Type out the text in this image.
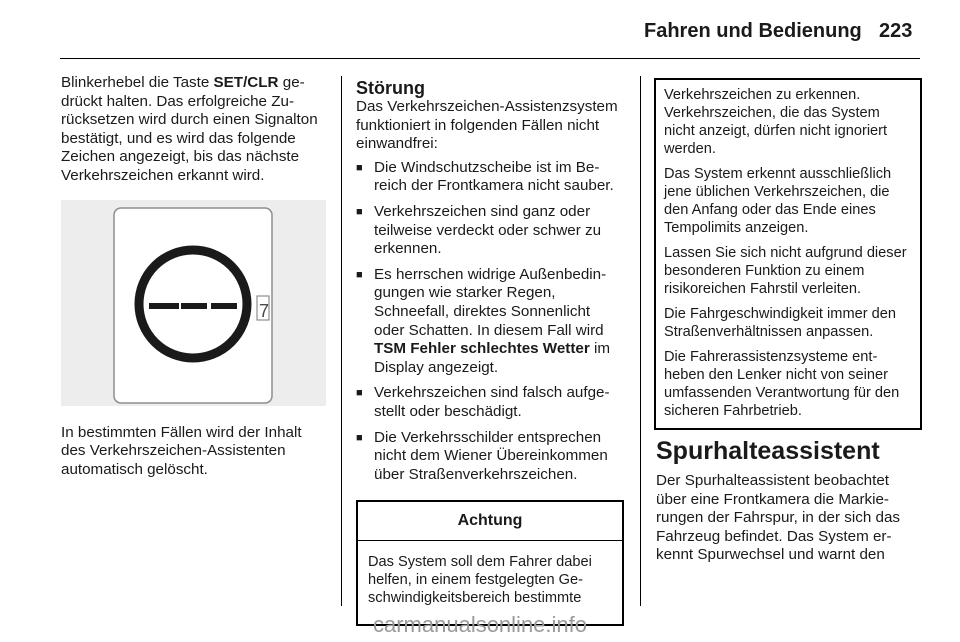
Fahren und Bedienung 223

Blinkerhebel die Taste SET/CLR gedrückt halten. Das erfolgreiche Zurücksetzen wird durch einen Signalton bestätigt, und es wird das folgende Zeichen angezeigt, bis das nächste Verkehrszeichen erkannt wird.

7

In bestimmten Fällen wird der Inhalt des Verkehrszeichen-Assistenten automatisch gelöscht.

Störung

Das Verkehrszeichen-Assistenzsystem funktioniert in folgenden Fällen nicht einwandfrei:

■ Die Windschutzscheibe ist im Bereich der Frontkamera nicht sauber.
■ Verkehrszeichen sind ganz oder teilweise verdeckt oder schwer zu erkennen.
■ Es herrschen widrige Außenbedingungen wie starker Regen, Schneefall, direktes Sonnenlicht oder Schatten. In diesem Fall wird TSM Fehler schlechtes Wetter im Display angezeigt.
■ Verkehrszeichen sind falsch aufgestellt oder beschädigt.
■ Die Verkehrsschilder entsprechen nicht dem Wiener Übereinkommen über Straßenverkehrszeichen.
Achtung
Das System soll dem Fahrer dabei helfen, in einem festgelegten Geschwindigkeitsbereich bestimmte

Verkehrszeichen zu erkennen. Verkehrszeichen, die das System nicht anzeigt, dürfen nicht ignoriert werden.

Das System erkennt ausschließlich jene üblichen Verkehrszeichen, die den Anfang oder das Ende eines Tempolimits anzeigen.

Lassen Sie sich nicht aufgrund dieser besonderen Funktion zu einem risikoreichen Fahrstil verleiten.

Die Fahrgeschwindigkeit immer den Straßenverhältnissen anpassen.

Die Fahrerassistenzsysteme entheben den Lenker nicht von seiner umfassenden Verantwortung für den sicheren Fahrbetrieb.

Spurhalteassistent

Der Spurhalteassistent beobachtet über eine Frontkamera die Markierungen der Fahrspur, in der sich das Fahrzeug befindet. Das System erkennt Spurwechsel und warnt den

carmanualsonline.info
